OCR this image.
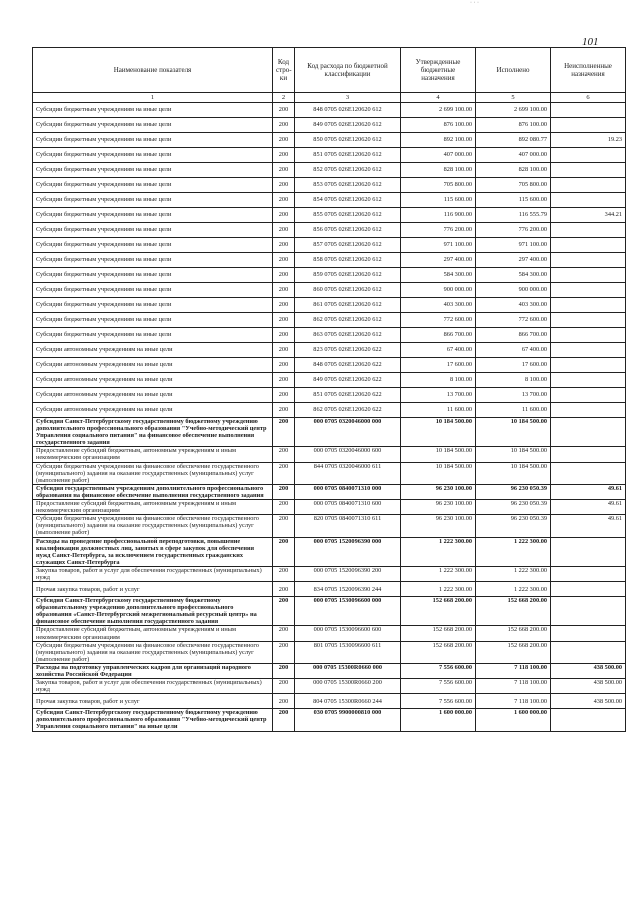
· · ·
101
Наименование показателя	Код стро-ки	Код расхода по бюджетной классификации	Утвержденные бюджетные назначения	Исполнено	Неисполненные назначения
1	2	3	4	5	6
Субсидии бюджетным учреждениям на иные цели	200	848 0705 026Е120620 612	2 699 100.00	2 699 100.00	
Субсидии бюджетным учреждениям на иные цели	200	849 0705 026Е120620 612	876 100.00	876 100.00	
Субсидии бюджетным учреждениям на иные цели	200	850 0705 026Е120620 612	892 100.00	892 080.77	19.23
Субсидии бюджетным учреждениям на иные цели	200	851 0705 026Е120620 612	407 000.00	407 000.00	
Субсидии бюджетным учреждениям на иные цели	200	852 0705 026Е120620 612	828 100.00	828 100.00	
Субсидии бюджетным учреждениям на иные цели	200	853 0705 026Е120620 612	705 800.00	705 800.00	
Субсидии бюджетным учреждениям на иные цели	200	854 0705 026Е120620 612	115 600.00	115 600.00	
Субсидии бюджетным учреждениям на иные цели	200	855 0705 026Е120620 612	116 900.00	116 555.79	344.21
Субсидии бюджетным учреждениям на иные цели	200	856 0705 026Е120620 612	776 200.00	776 200.00	
Субсидии бюджетным учреждениям на иные цели	200	857 0705 026Е120620 612	971 100.00	971 100.00	
Субсидии бюджетным учреждениям на иные цели	200	858 0705 026Е120620 612	297 400.00	297 400.00	
Субсидии бюджетным учреждениям на иные цели	200	859 0705 026Е120620 612	584 300.00	584 300.00	
Субсидии бюджетным учреждениям на иные цели	200	860 0705 026Е120620 612	900 000.00	900 000.00	
Субсидии бюджетным учреждениям на иные цели	200	861 0705 026Е120620 612	403 300.00	403 300.00	
Субсидии бюджетным учреждениям на иные цели	200	862 0705 026Е120620 612	772 600.00	772 600.00	
Субсидии бюджетным учреждениям на иные цели	200	863 0705 026Е120620 612	866 700.00	866 700.00	
Субсидии автономным учреждениям на иные цели	200	823 0705 026Е120620 622	67 400.00	67 400.00	
Субсидии автономным учреждениям на иные цели	200	848 0705 026Е120620 622	17 600.00	17 600.00	
Субсидии автономным учреждениям на иные цели	200	849 0705 026Е120620 622	8 100.00	8 100.00	
Субсидии автономным учреждениям на иные цели	200	851 0705 026Е120620 622	13 700.00	13 700.00	
Субсидии автономным учреждениям на иные цели	200	862 0705 026Е120620 622	11 600.00	11 600.00	
Субсидия Санкт-Петербургскому государственному бюджетному учреждению дополнительного профессионального образования "Учебно-методический центр Управления социального питания" на финансовое обеспечение выполнения государственного задания	200	000 0705 0320046000 000	10 184 500.00	10 184 500.00	
Предоставление субсидий бюджетным, автономным учреждениям и иным некоммерческим организациям	200	000 0705 0320046000 600	10 184 500.00	10 184 500.00	
Субсидии бюджетным учреждениям на финансовое обеспечение государственного (муниципального) задания на оказание государственных (муниципальных) услуг (выполнение работ)	200	844 0705 0320046000 611	10 184 500.00	10 184 500.00	
Субсидия государственным учреждениям дополнительного профессионального образования на финансовое обеспечение выполнения государственного задания	200	000 0705 0840071310 000	96 230 100.00	96 230 050.39	49.61
Предоставление субсидий бюджетным, автономным учреждениям и иным некоммерческим организациям	200	000 0705 0840071310 600	96 230 100.00	96 230 050.39	49.61
Субсидии бюджетным учреждениям на финансовое обеспечение государственного (муниципального) задания на оказание государственных (муниципальных) услуг (выполнение работ)	200	820 0705 0840071310 611	96 230 100.00	96 230 050.39	49.61
Расходы на проведение профессиональной переподготовки, повышение квалификации должностных лиц, занятых в сфере закупок для обеспечения нужд Санкт-Петербурга, за исключением государственных гражданских служащих Санкт-Петербурга	200	000 0705 1520096390 000	1 222 300.00	1 222 300.00	
Закупка товаров, работ и услуг для обеспечения государственных (муниципальных) нужд	200	000 0705 1520096390 200	1 222 300.00	1 222 300.00	
Прочая закупка товаров, работ и услуг	200	834 0705 1520096390 244	1 222 300.00	1 222 300.00	
Субсидия Санкт-Петербургскому государственному бюджетному образовательному учреждению дополнительного профессионального образования «Санкт-Петербургский межрегиональный ресурсный центр» на финансовое обеспечение выполнения государственного задания	200	000 0705 1530096600 000	152 668 200.00	152 668 200.00	
Предоставление субсидий бюджетным, автономным учреждениям и иным некоммерческим организациям	200	000 0705 1530096600 600	152 668 200.00	152 668 200.00	
Субсидии бюджетным учреждениям на финансовое обеспечение государственного (муниципального) задания на оказание государственных (муниципальных) услуг (выполнение работ)	200	801 0705 1530096600 611	152 668 200.00	152 668 200.00	
Расходы на подготовку управленческих кадров для организаций народного хозяйства Российской Федерации	200	000 0705 15300R0660 000	7 556 600.00	7 118 100.00	438 500.00
Закупка товаров, работ и услуг для обеспечения государственных (муниципальных) нужд	200	000 0705 15300R0660 200	7 556 600.00	7 118 100.00	438 500.00
Прочая закупка товаров, работ и услуг	200	804 0705 15300R0660 244	7 556 600.00	7 118 100.00	438 500.00
Субсидия Санкт-Петербургскому государственному бюджетному учреждению дополнительного профессионального образования "Учебно-методический центр Управления социального питания" на иные цели	200	030 0705 9900000810 000	1 600 000.00	1 600 000.00	
